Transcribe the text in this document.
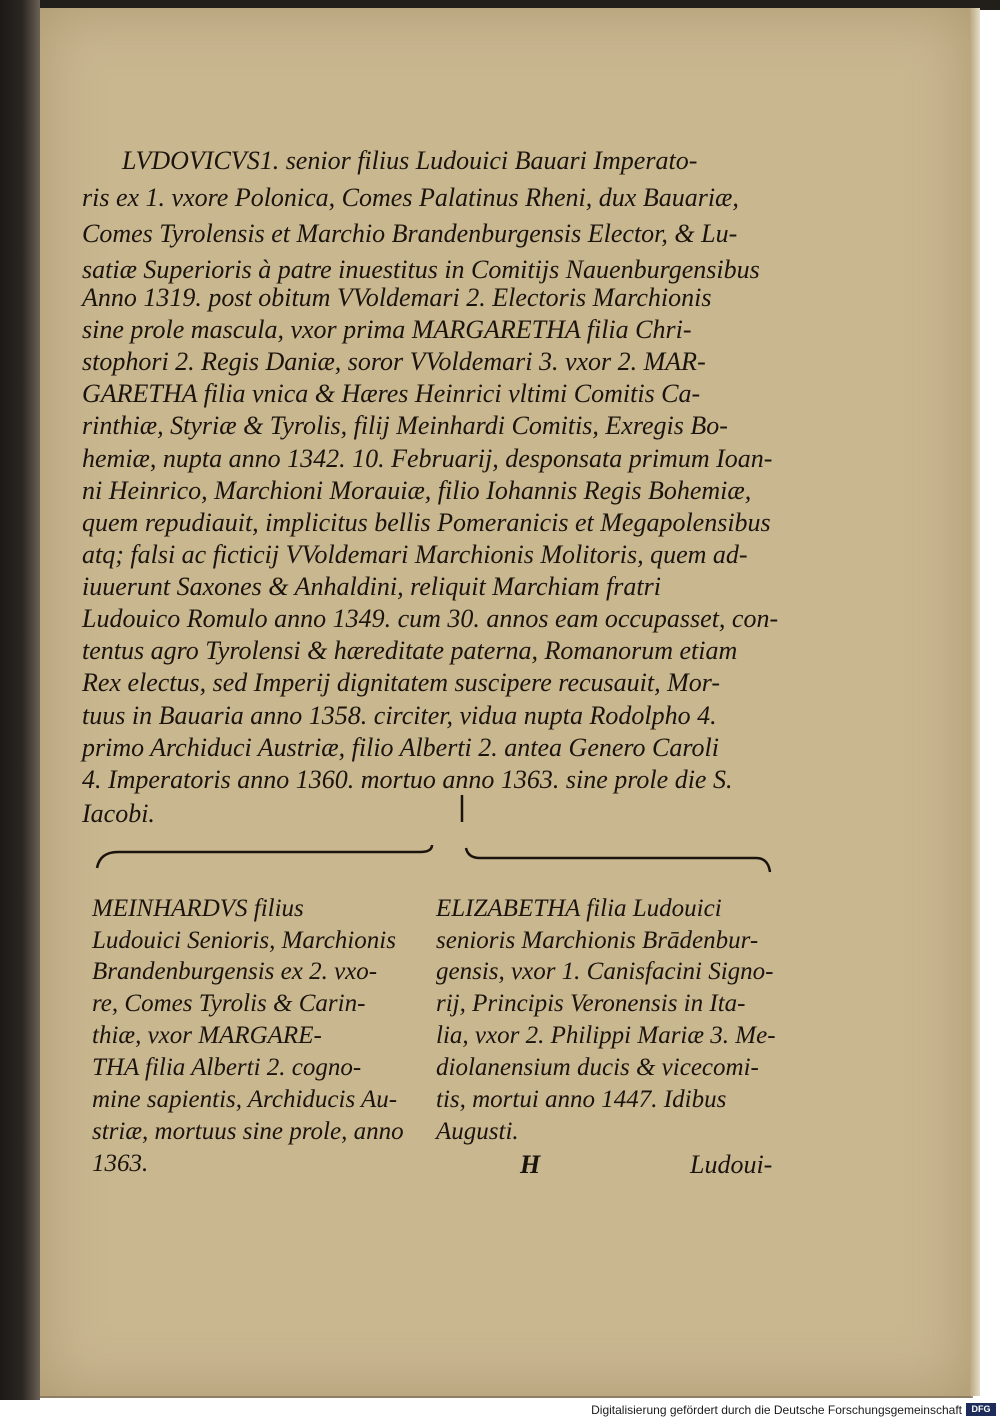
LVDOVICVS1. senior filius Ludouici Bauari Imperato-
ris ex 1. vxore Polonica, Comes Palatinus Rheni, dux Bauariæ,
Comes Tyrolensis et Marchio Brandenburgensis Elector, & Lu-
satiæ Superioris à patre inuestitus in Comitijs Nauenburgensibus
Anno 1319. post obitum VVoldemari 2. Electoris Marchionis
sine prole mascula, vxor prima MARGARETHA filia Chri-
stophori 2. Regis Daniæ, soror VVoldemari 3. vxor 2. MAR-
GARETHA filia vnica & Hæres Heinrici vltimi Comitis Ca-
rinthiæ, Styriæ & Tyrolis, filij Meinhardi Comitis, Exregis Bo-
hemiæ, nupta anno 1342. 10. Februarij, desponsata primum Ioan-
ni Heinrico, Marchioni Morauiæ, filio Iohannis Regis Bohemiæ,
quem repudiauit, implicitus bellis Pomeranicis et Megapolensibus
atq; falsi ac ficticij VVoldemari Marchionis Molitoris, quem ad-
iuuerunt Saxones & Anhaldini, reliquit Marchiam fratri
Ludouico Romulo anno 1349. cum 30. annos eam occupasset, con-
tentus agro Tyrolensi & hæreditate paterna, Romanorum etiam
Rex electus, sed Imperij dignitatem suscipere recusauit, Mor-
tuus in Bauaria anno 1358. circiter, vidua nupta Rodolpho 4.
primo Archiduci Austriæ, filio Alberti 2. antea Genero Caroli
4. Imperatoris anno 1360. mortuo anno 1363. sine prole die S.
Iacobi.
MEINHARDVS filius
Ludouici Senioris, Marchionis
Brandenburgensis ex 2. vxo-
re, Comes Tyrolis & Carin-
thiæ, vxor MARGARE-
THA filia Alberti 2. cogno-
mine sapientis, Archiducis Au-
striæ, mortuus sine prole, anno
1363.
ELIZABETHA filia Ludouici
senioris Marchionis Brādenbur-
gensis, vxor 1. Canisfacini Signo-
rij, Principis Veronensis in Ita-
lia, vxor 2. Philippi Mariæ 3. Me-
diolanensium ducis & vicecomi-
tis, mortui anno 1447. Idibus
Augusti.
H	Ludoui-
Digitalisierung gefördert durch die Deutsche Forschungsgemeinschaft	DFG
